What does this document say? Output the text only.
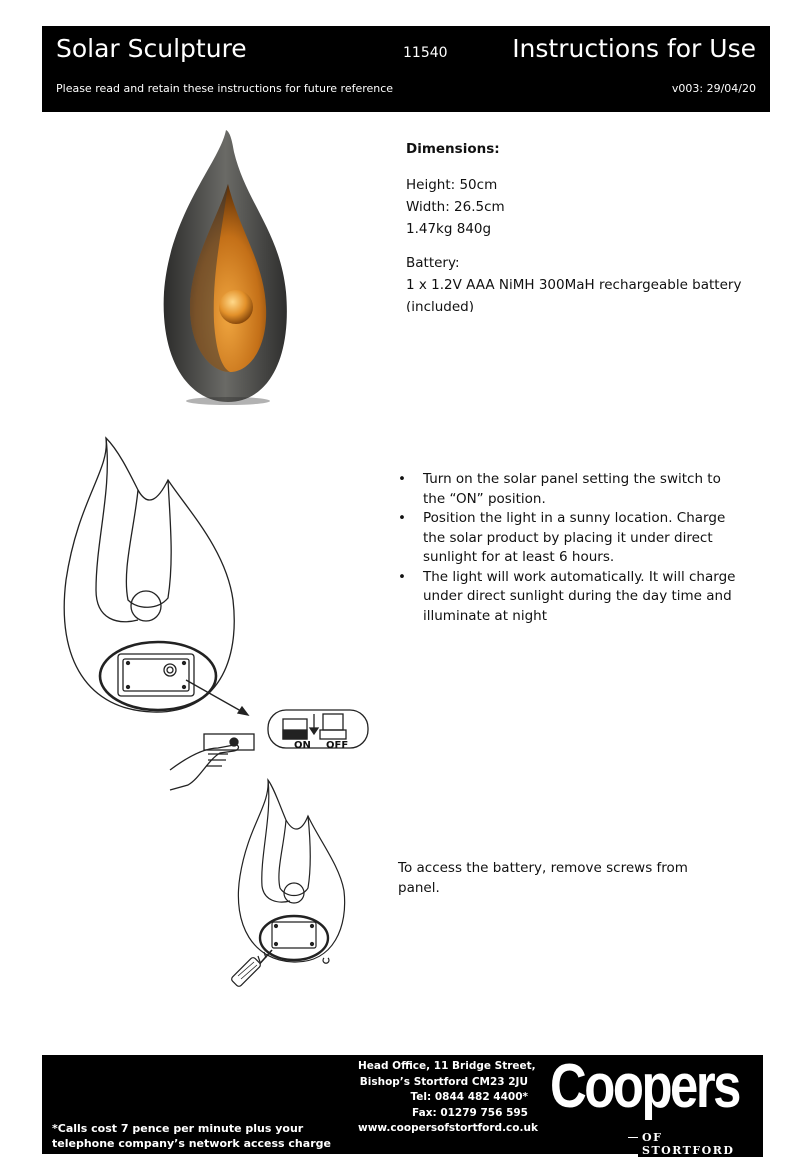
Solar Sculpture	11540	Instructions for Use
Please read and retain these instructions for future reference	v003: 29/04/20
Dimensions:
Height: 50cm
Width: 26.5cm
1.47kg 840g
Battery:
1 x 1.2V AAA NiMH 300MaH rechargeable battery
(included)
ON OFF
• Turn on the solar panel setting the switch to the “ON” position.
• Position the light in a sunny location. Charge the solar product by placing it under direct sunlight for at least 6 hours.
• The light will work automatically. It will charge under direct sunlight during the day time and illuminate at night
To access the battery, remove screws from panel.
Head Office, 11 Bridge Street,
Bishop’s Stortford CM23 2JU
Tel: 0844 482 4400*
Fax: 01279 756 595
www.coopersofstortford.co.uk
*Calls cost 7 pence per minute plus your
telephone company’s network access charge
Coopers
OF STORTFORD
